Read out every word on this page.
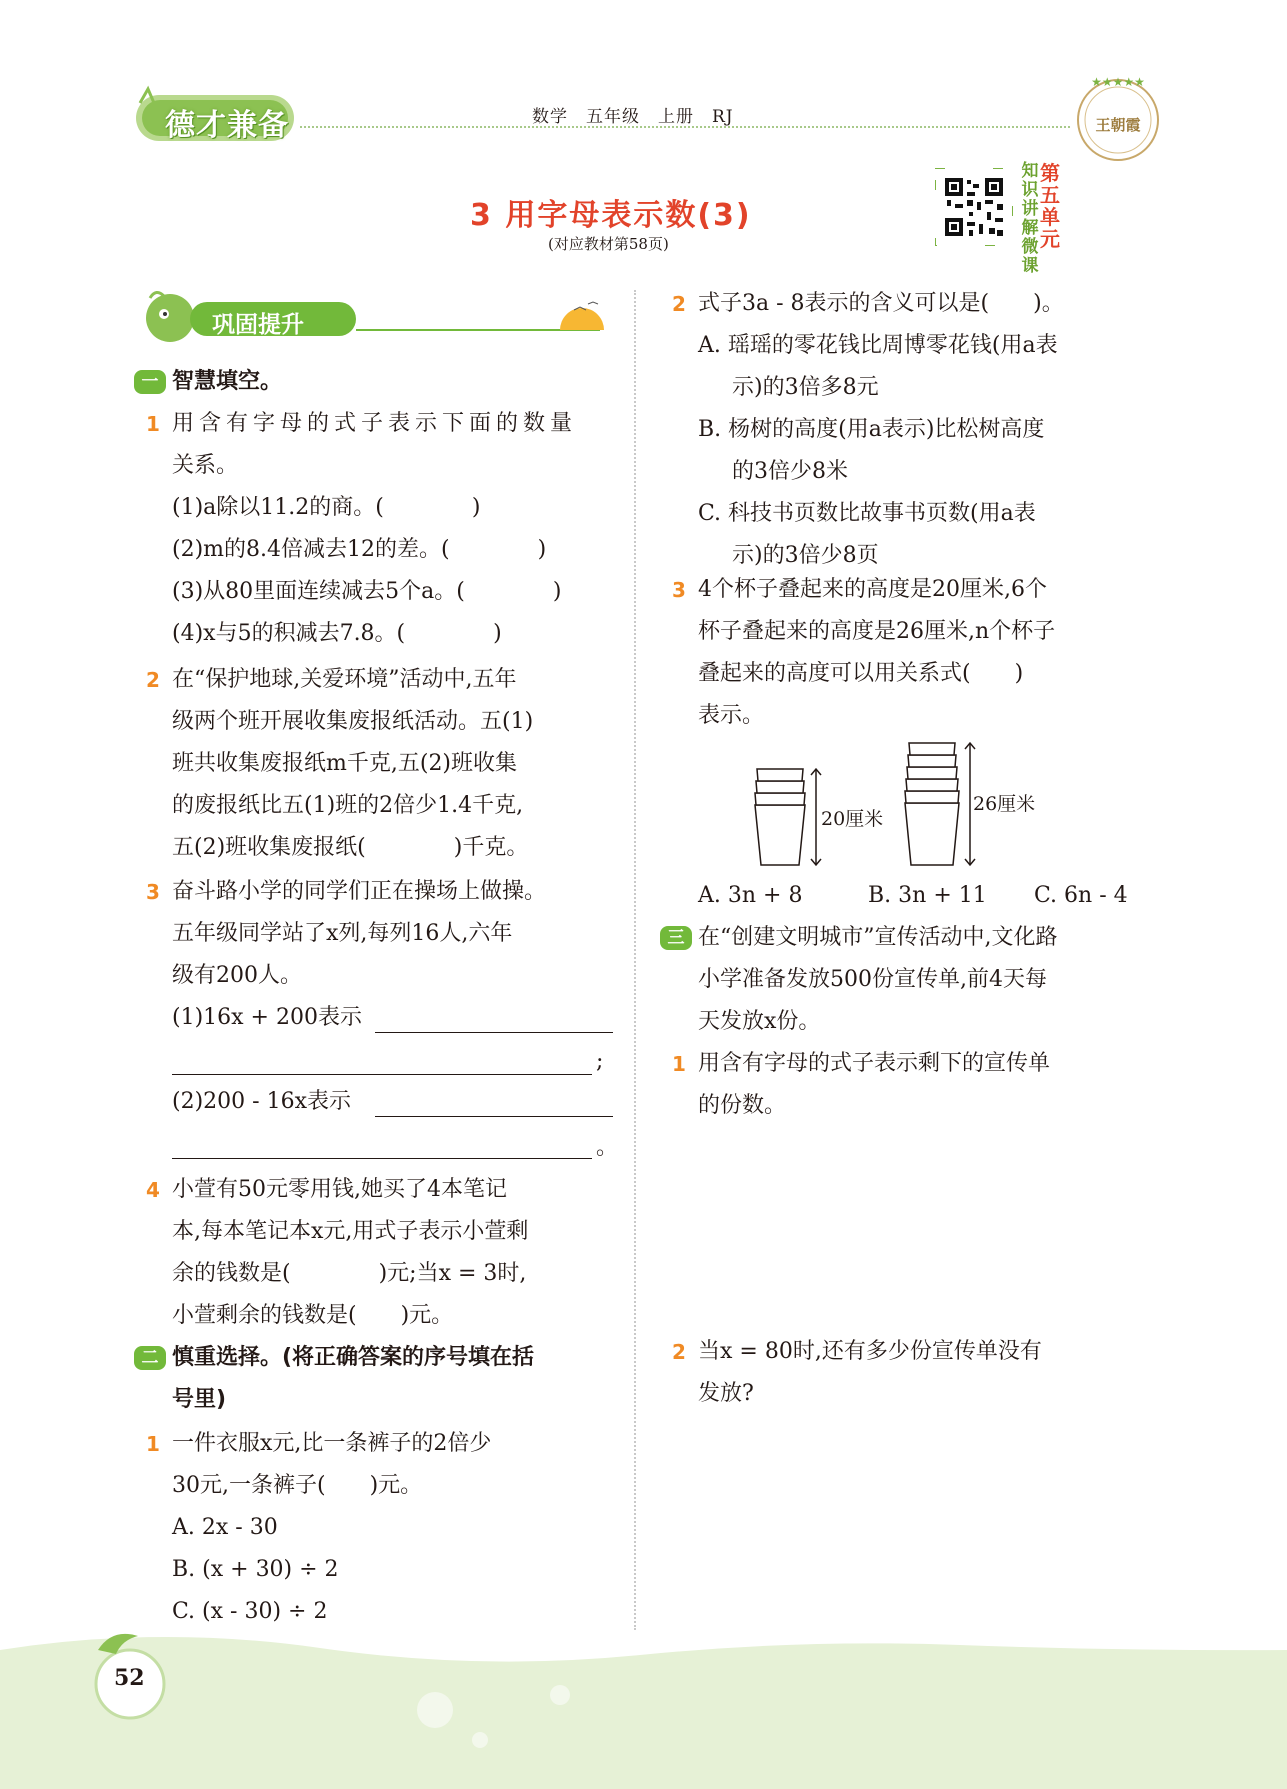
德才兼备	数学　五年级　上册　RJ
★★★★★
王朝霞
3 用字母表示数(3)
(对应教材第58页)
知
识
讲
解
微
课
第
五
单
元
巩固提升
一 智慧填空。
1 用含有字母的式子表示下面的数量
关系。
(1)a除以11.2的商。(　　　　)
(2)m的8.4倍减去12的差。(　　　　)
(3)从80里面连续减去5个a。(　　　　)
(4)x与5的积减去7.8。(　　　　)
2 在“保护地球,关爱环境”活动中,五年
级两个班开展收集废报纸活动。五(1)
班共收集废报纸m千克,五(2)班收集
的废报纸比五(1)班的2倍少1.4千克,
五(2)班收集废报纸(　　　　)千克。
3 奋斗路小学的同学们正在操场上做操。
五年级同学站了x列,每列16人,六年
级有200人。
(1)16x + 200表示
;
(2)200 - 16x表示
。
4 小萱有50元零用钱,她买了4本笔记
本,每本笔记本x元,用式子表示小萱剩
余的钱数是(　　　　)元;当x = 3时,
小萱剩余的钱数是(　　)元。
二 慎重选择。(将正确答案的序号填在括
号里)
1 一件衣服x元,比一条裤子的2倍少
30元,一条裤子(　　)元。
A. 2x - 30
B. (x + 30) ÷ 2
C. (x - 30) ÷ 2
2 式子3a - 8表示的含义可以是(　　)。
A. 瑶瑶的零花钱比周博零花钱(用a表
示)的3倍多8元
B. 杨树的高度(用a表示)比松树高度
的3倍少8米
C. 科技书页数比故事书页数(用a表
示)的3倍少8页
3 4个杯子叠起来的高度是20厘米,6个
杯子叠起来的高度是26厘米,n个杯子
叠起来的高度可以用关系式(　　)
表示。
20厘米
26厘米
A. 3n + 8	B. 3n + 11 C. 6n - 4
三 在“创建文明城市”宣传活动中,文化路
小学准备发放500份宣传单,前4天每
天发放x份。
1 用含有字母的式子表示剩下的宣传单
的份数。
2 当x = 80时,还有多少份宣传单没有
发放?
52
